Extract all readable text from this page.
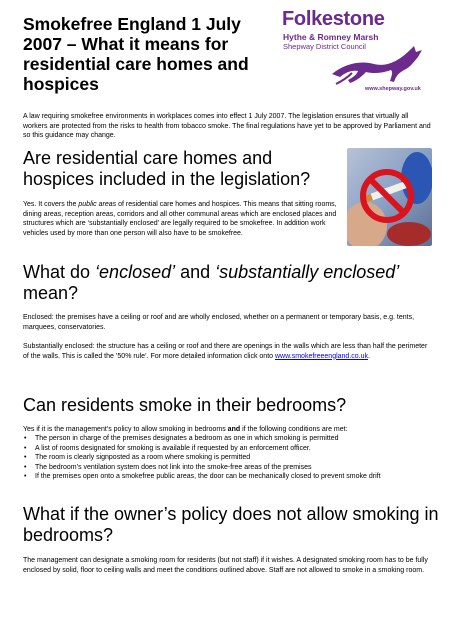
Smokefree England 1 July 2007 – What it means for residential care homes and hospices
Folkestone
Hythe & Romney Marsh
Shepway District Council
www.shepway.gov.uk

A law requiring smokefree environments in workplaces comes into effect 1 July 2007. The legislation ensures that virtually all workers are protected from the risks to health from tobacco smoke. The final regulations have yet to be approved by Parliament and so this guidance may change.

Are residential care homes and hospices included in the legislation?

Yes. It covers the public areas of residential care homes and hospices. This means that sitting rooms, dining areas, reception areas, corridors and all other communal areas which are enclosed places and structures which are ‘substantially enclosed’ are legally required to be smokefree. In addition work vehicles used by more than one person will also have to be smokefree.

What do ‘enclosed’ and ‘substantially enclosed’ mean?

Enclosed: the premises have a ceiling or roof and are wholly enclosed, whether on a permanent or temporary basis, e.g. tents, marquees, conservatories.

Substantially enclosed: the structure has a ceiling or roof and there are openings in the walls which are less than half the perimeter of the walls. This is called the ’50% rule’. For more detailed information click onto www.smokefreeengland.co.uk.

Can residents smoke in their bedrooms?

Yes if it is the management’s policy to allow smoking in bedrooms and if the following conditions are met:

• The person in charge of the premises designates a bedroom as one in which smoking is permitted
• A list of rooms designated for smoking is available if requested by an enforcement officer.
• The room is clearly signposted as a room where smoking is permitted
• The bedroom’s ventilation system does not link into the smoke-free areas of the premises
• If the premises open onto a smokefree public areas, the door can be mechanically closed to prevent smoke drift
What if the owner’s policy does not allow smoking in bedrooms?

The management can designate a smoking room for residents (but not staff) if it wishes. A designated smoking room has to be fully enclosed by solid, floor to ceiling walls and meet the conditions outlined above. Staff are not allowed to smoke in a smoking room.
